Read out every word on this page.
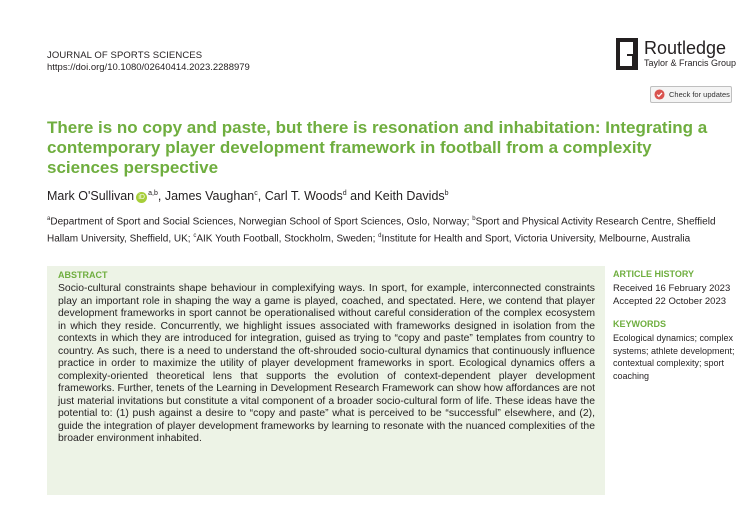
JOURNAL OF SPORTS SCIENCES
https://doi.org/10.1080/02640414.2023.2288979
Routledge
Taylor & Francis Group
Check for updates
There is no copy and paste, but there is resonation and inhabitation: Integrating a contemporary player development framework in football from a complexity sciences perspective
Mark O'Sullivan iD$^{a,b}$, James Vaughan$^c$, Carl T. Woods$^d$ and Keith Davids$^b$
$^a$Department of Sport and Social Sciences, Norwegian School of Sport Sciences, Oslo, Norway; $^b$Sport and Physical Activity Research Centre, Sheffield Hallam University, Sheffield, UK; $^c$AIK Youth Football, Stockholm, Sweden; $^d$Institute for Health and Sport, Victoria University, Melbourne, Australia
ABSTRACT
Socio-cultural constraints shape behaviour in complexifying ways. In sport, for example, interconnected constraints play an important role in shaping the way a game is played, coached, and spectated. Here, we contend that player development frameworks in sport cannot be operationalised without careful consideration of the complex ecosystem in which they reside. Concurrently, we highlight issues associated with frameworks designed in isolation from the contexts in which they are introduced for integration, guised as trying to “copy and paste” templates from country to country. As such, there is a need to understand the oft-shrouded socio-cultural dynamics that continuously influence practice in order to maximize the utility of player development frameworks in sport. Ecological dynamics offers a complexity-oriented theoretical lens that supports the evolution of context-dependent player development frameworks. Further, tenets of the Learning in Development Research Framework can show how affordances are not just material invitations but constitute a vital component of a broader socio-cultural form of life. These ideas have the potential to: (1) push against a desire to “copy and paste” what is perceived to be “successful” elsewhere, and (2), guide the integration of player development frameworks by learning to resonate with the nuanced complexities of the broader environment inhabited.
ARTICLE HISTORY
Received 16 February 2023
Accepted 22 October 2023
KEYWORDS
Ecological dynamics; complex systems; athlete development; contextual complexity; sport coaching
